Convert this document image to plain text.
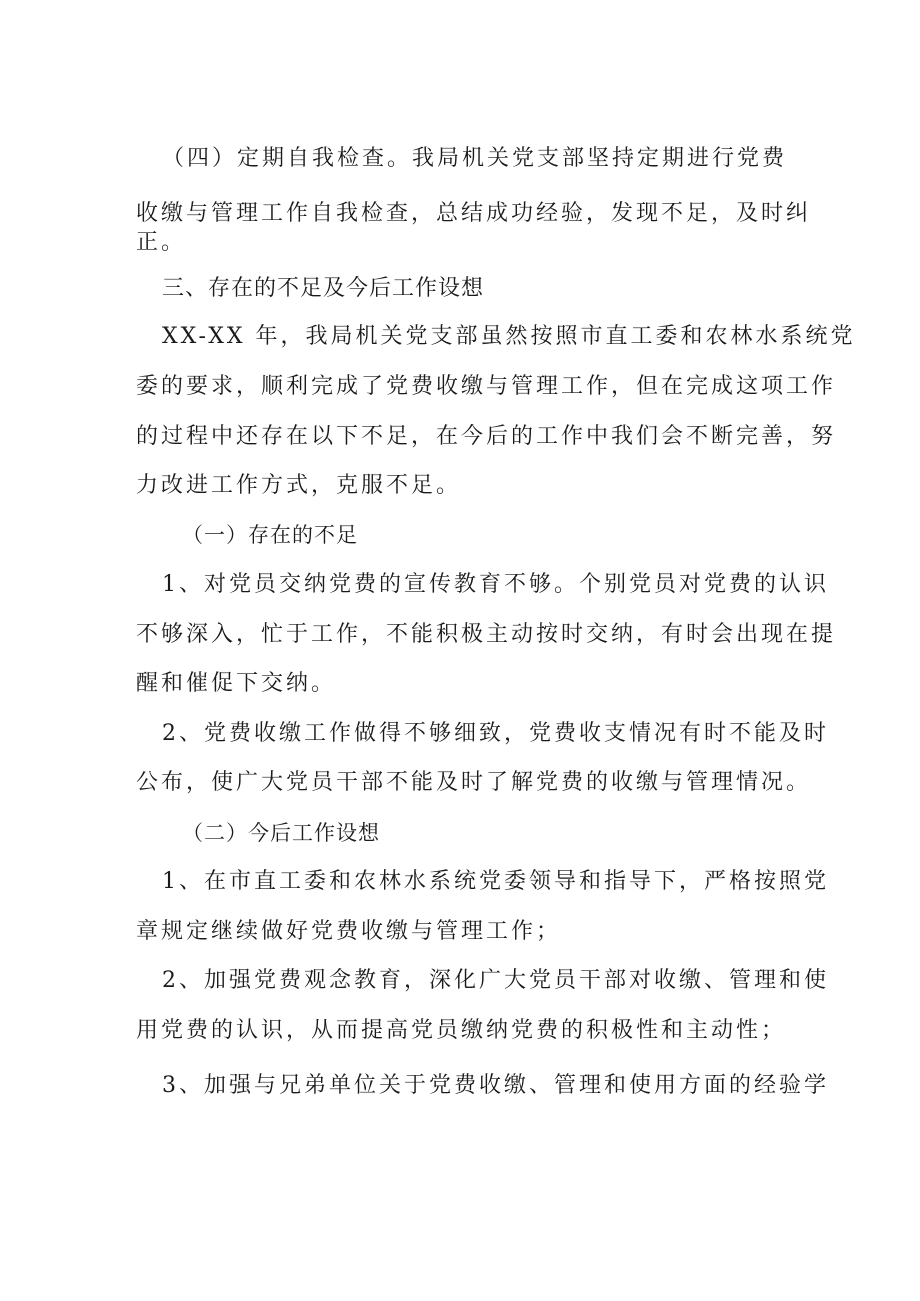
（四）定期自我检查。我局机关党支部坚持定期进行党费
收缴与管理工作自我检查，总结成功经验，发现不足，及时纠
正。
三、存在的不足及今后工作设想
XX-XX 年，我局机关党支部虽然按照市直工委和农林水系统党
委的要求，顺利完成了党费收缴与管理工作，但在完成这项工作
的过程中还存在以下不足，在今后的工作中我们会不断完善，努
力改进工作方式，克服不足。
（一）存在的不足
1、对党员交纳党费的宣传教育不够。个别党员对党费的认识
不够深入，忙于工作，不能积极主动按时交纳，有时会出现在提
醒和催促下交纳。
2、党费收缴工作做得不够细致，党费收支情况有时不能及时
公布，使广大党员干部不能及时了解党费的收缴与管理情况。
（二）今后工作设想
1、在市直工委和农林水系统党委领导和指导下，严格按照党
章规定继续做好党费收缴与管理工作；
2、加强党费观念教育，深化广大党员干部对收缴、管理和使
用党费的认识，从而提高党员缴纳党费的积极性和主动性；
3、加强与兄弟单位关于党费收缴、管理和使用方面的经验学
